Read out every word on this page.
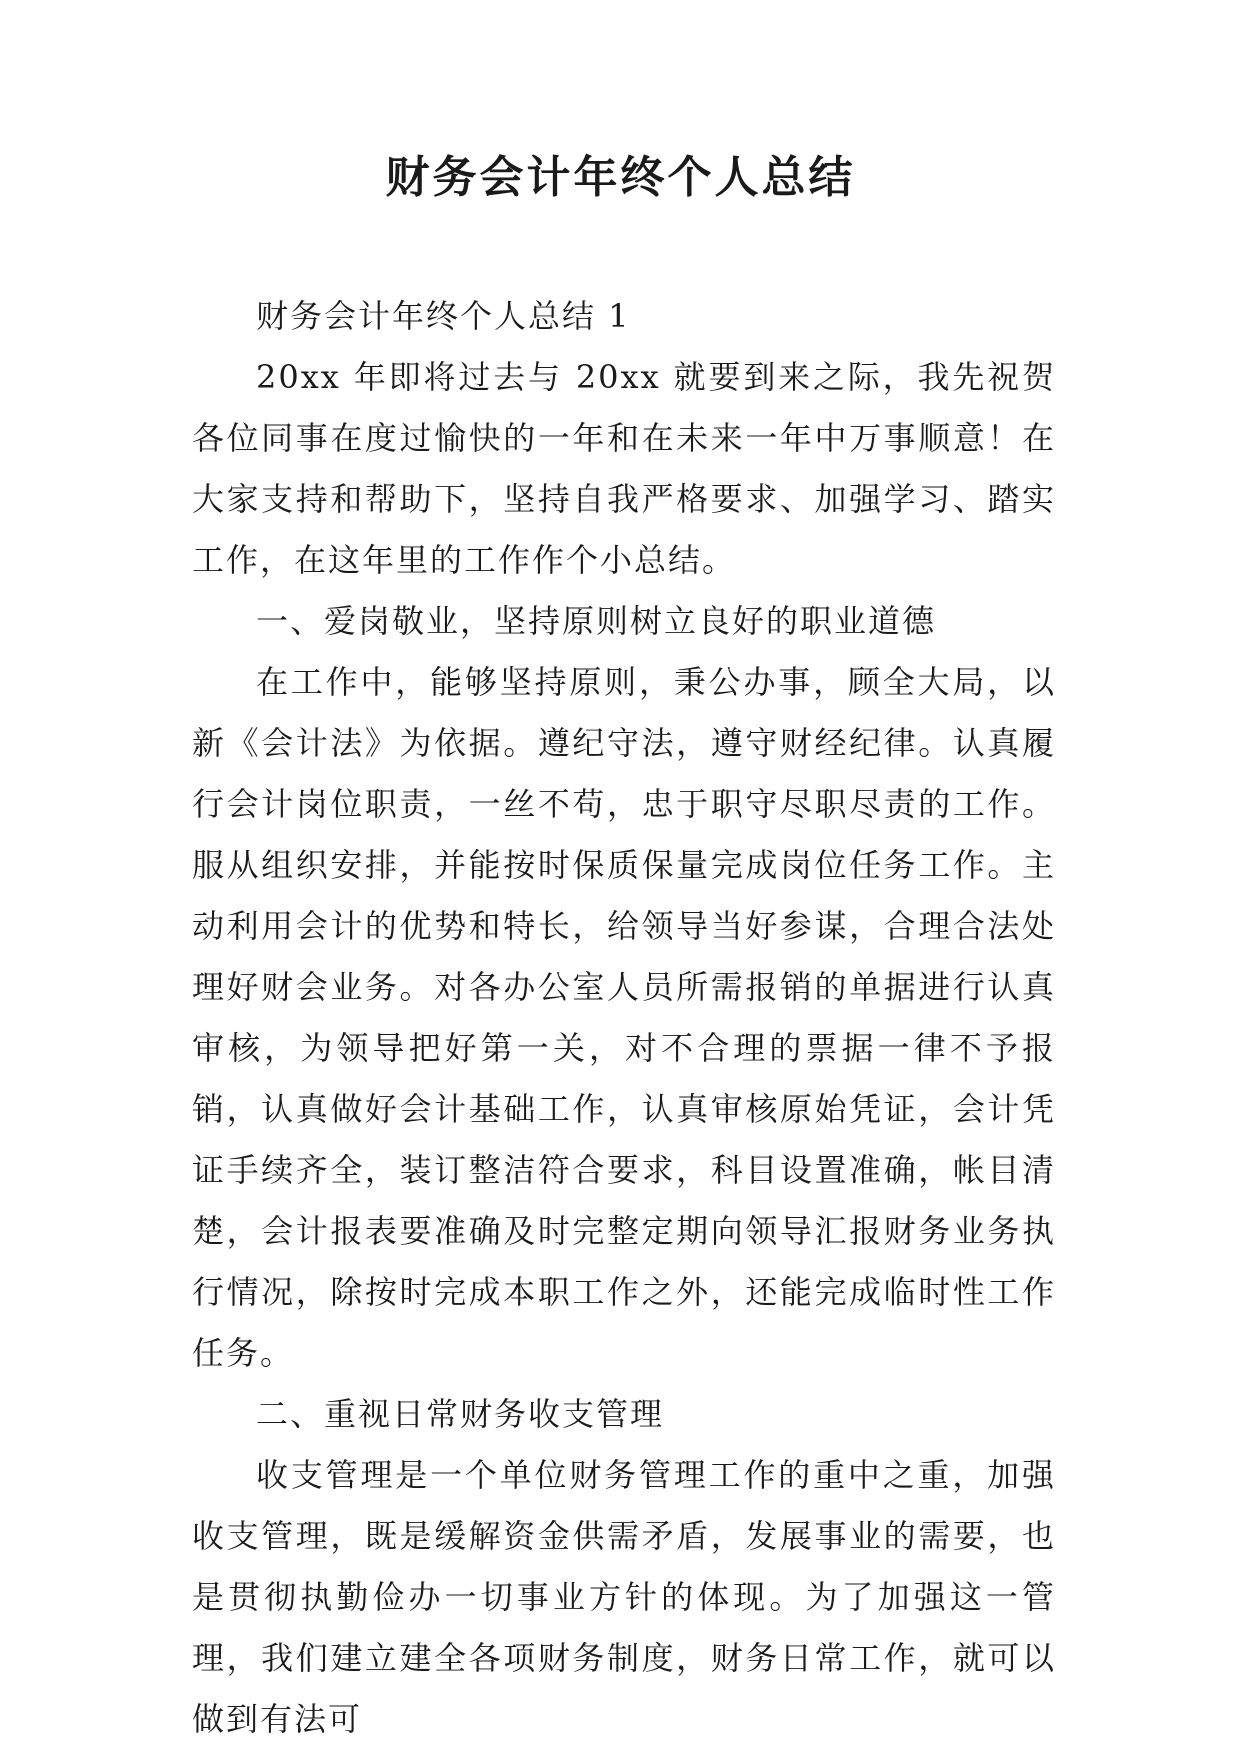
财务会计年终个人总结

财务会计年终个人总结 1

20xx 年即将过去与 20xx 就要到来之际，我先祝贺各位同事在度过愉快的一年和在未来一年中万事顺意！在大家支持和帮助下，坚持自我严格要求、加强学习、踏实工作，在这年里的工作作个小总结。

一、爱岗敬业，坚持原则树立良好的职业道德

在工作中，能够坚持原则，秉公办事，顾全大局，以新《会计法》为依据。遵纪守法，遵守财经纪律。认真履行会计岗位职责，一丝不苟，忠于职守尽职尽责的工作。服从组织安排，并能按时保质保量完成岗位任务工作。主动利用会计的优势和特长，给领导当好参谋，合理合法处理好财会业务。对各办公室人员所需报销的单据进行认真审核，为领导把好第一关，对不合理的票据一律不予报销，认真做好会计基础工作，认真审核原始凭证，会计凭证手续齐全，装订整洁符合要求，科目设置准确，帐目清楚，会计报表要准确及时完整定期向领导汇报财务业务执行情况，除按时完成本职工作之外，还能完成临时性工作任务。

二、重视日常财务收支管理

收支管理是一个单位财务管理工作的重中之重，加强收支管理，既是缓解资金供需矛盾，发展事业的需要，也是贯彻执勤俭办一切事业方针的体现。为了加强这一管理，我们建立建全各项财务制度，财务日常工作，就可以做到有法可
